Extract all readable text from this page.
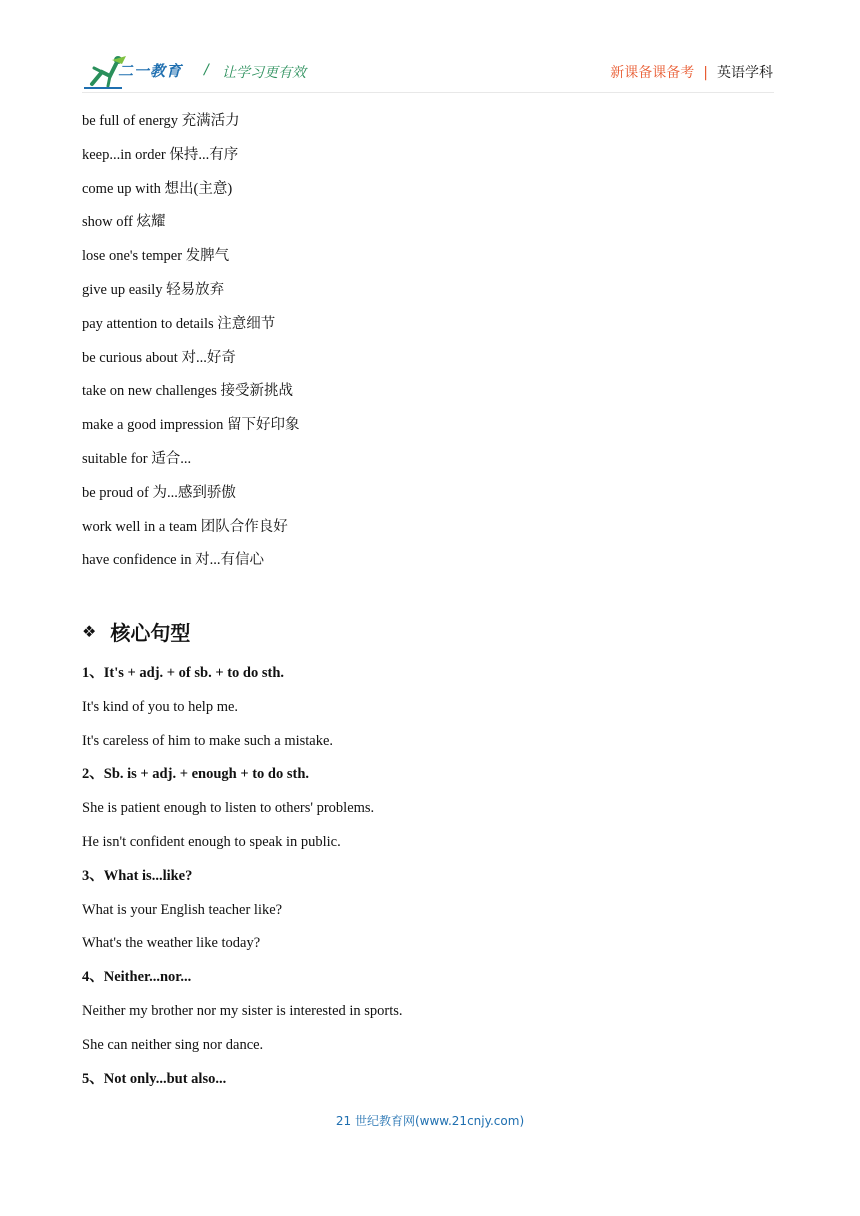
二一教育 / 让学习更有效	新课备课备考 | 英语学科
be full of energy 充满活力
keep...in order 保持...有序
come up with 想出(主意)
show off 炫耀
lose one's temper 发脾气
give up easily 轻易放弃
pay attention to details 注意细节
be curious about 对...好奇
take on new challenges 接受新挑战
make a good impression 留下好印象
suitable for 适合...
be proud of 为...感到骄傲
work well in a team 团队合作良好
have confidence in 对...有信心
❖ 核心句型
1、It's + adj. + of sb. + to do sth.
It's kind of you to help me.
It's careless of him to make such a mistake.
2、Sb. is + adj. + enough + to do sth.
She is patient enough to listen to others' problems.
He isn't confident enough to speak in public.
3、What is...like?
What is your English teacher like?
What's the weather like today?
4、Neither...nor...
Neither my brother nor my sister is interested in sports.
She can neither sing nor dance.
5、Not only...but also...
21 世纪教育网(www.21cnjy.com)
